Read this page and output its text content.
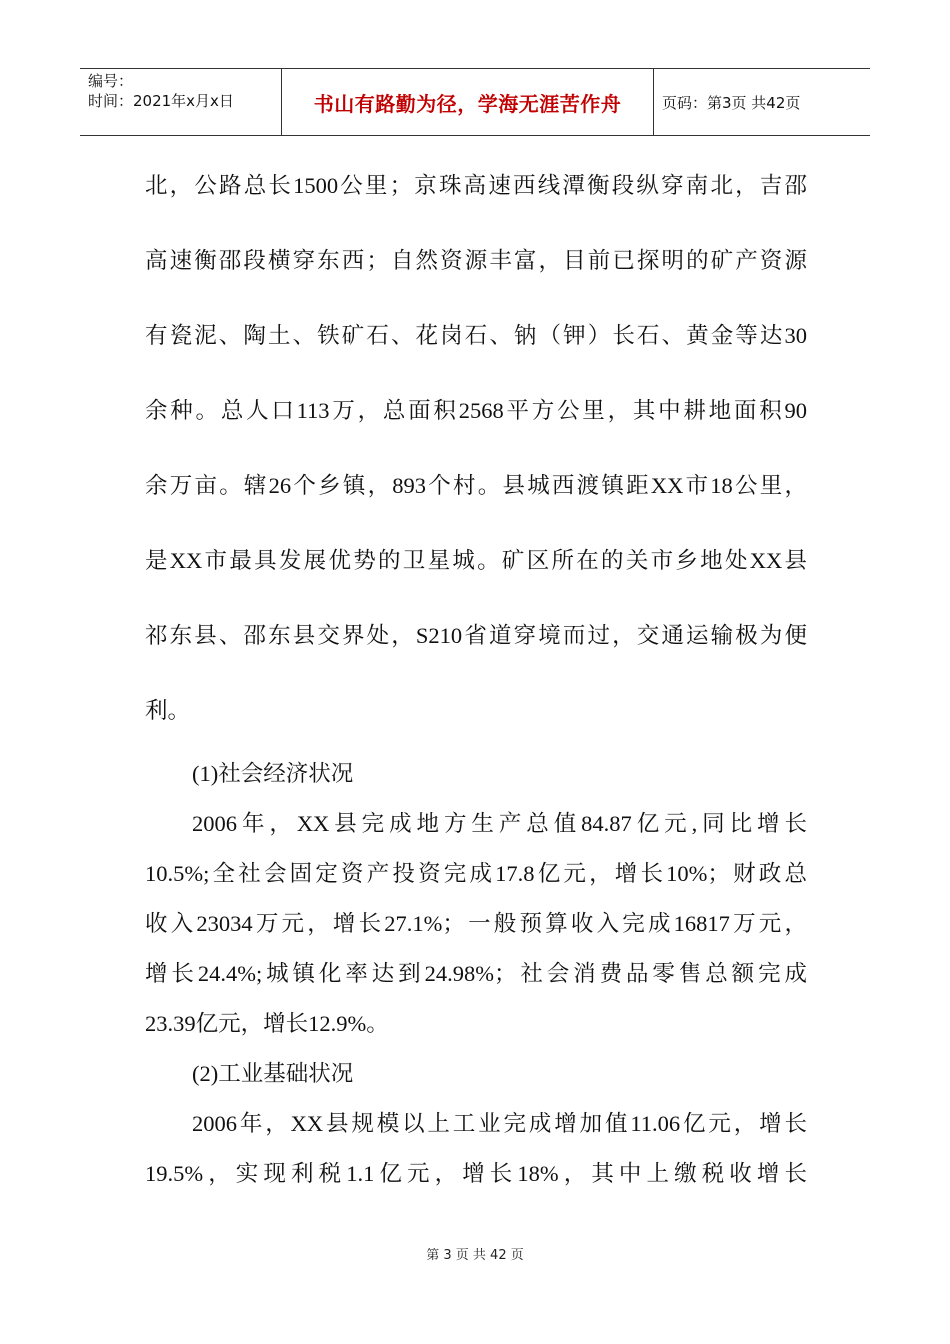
编号：
时间：2021年x月x日	书山有路勤为径，学海无涯苦作舟	页码：第3页 共42页
北，公路总长1500公里；京珠高速西线潭衡段纵穿南北，吉邵
高速衡邵段横穿东西；自然资源丰富，目前已探明的矿产资源
有瓷泥、陶土、铁矿石、花岗石、钠（钾）长石、黄金等达30
余种。总人口113万，总面积2568平方公里，其中耕地面积90
余万亩。辖26个乡镇，893个村。县城西渡镇距XX市18公里，
是XX市最具发展优势的卫星城。矿区所在的关市乡地处XX县
祁东县、邵东县交界处，S210省道穿境而过，交通运输极为便
利。
(1)社会经济状况
2006年，XX县完成地方生产总值84.87亿元,同比增长
10.5%;全社会固定资产投资完成17.8亿元，增长10%；财政总
收入23034万元，增长27.1%；一般预算收入完成16817万元，
增长24.4%;城镇化率达到24.98%；社会消费品零售总额完成
23.39亿元，增长12.9%。
(2)工业基础状况
2006年，XX县规模以上工业完成增加值11.06亿元，增长
19.5%，实现利税1.1亿元，增长18%，其中上缴税收增长
第 3 页 共 42 页
